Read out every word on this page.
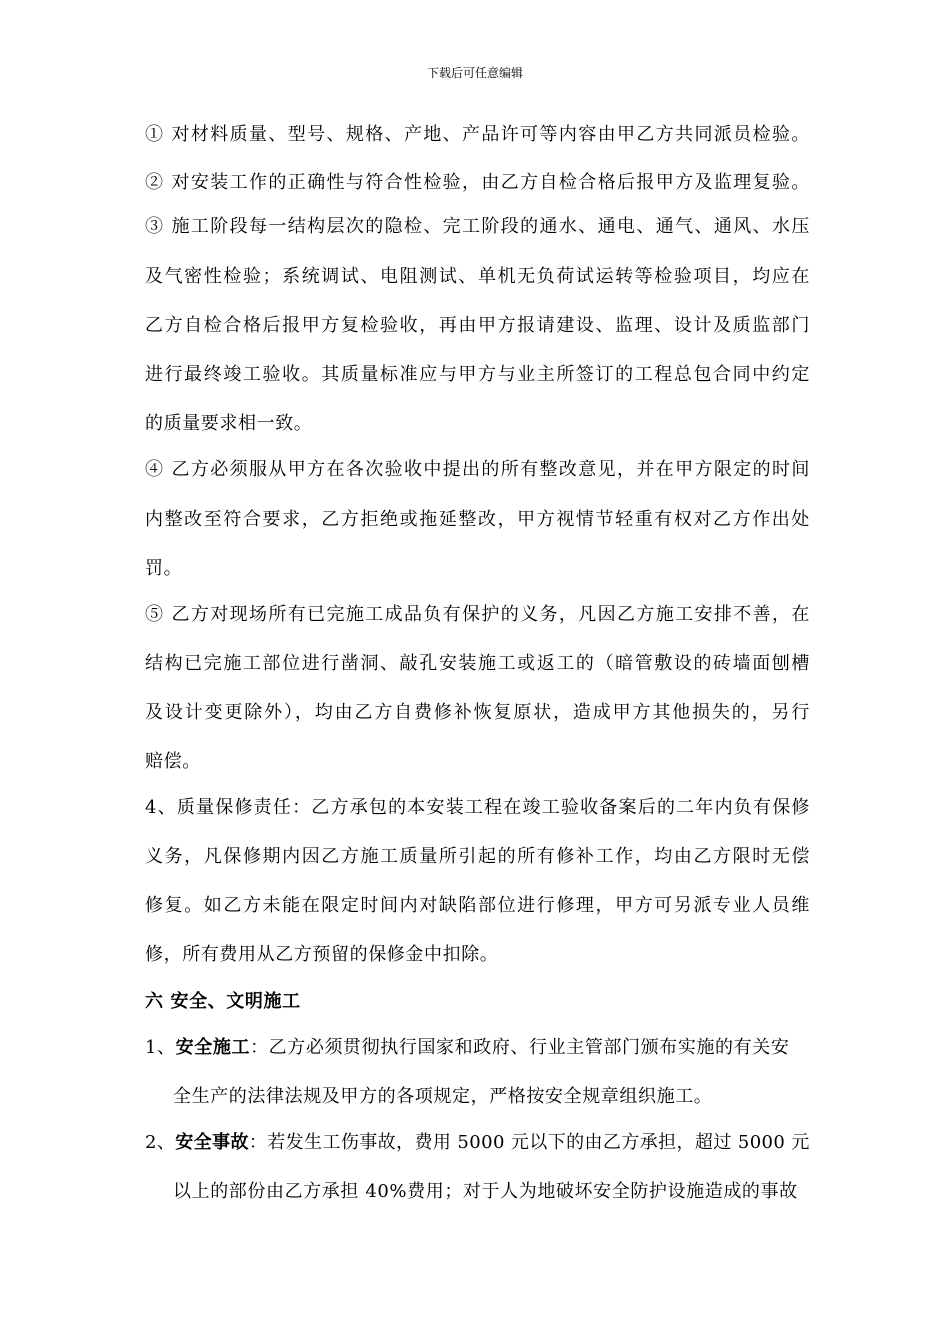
下载后可任意编辑
① 对材料质量、型号、规格、产地、产品许可等内容由甲乙方共同派员检验。
② 对安装工作的正确性与符合性检验，由乙方自检合格后报甲方及监理复验。
③ 施工阶段每一结构层次的隐检、完工阶段的通水、通电、通气、通风、水压
及气密性检验；系统调试、电阻测试、单机无负荷试运转等检验项目，均应在
乙方自检合格后报甲方复检验收，再由甲方报请建设、监理、设计及质监部门
进行最终竣工验收。其质量标准应与甲方与业主所签订的工程总包合同中约定
的质量要求相一致。
④ 乙方必须服从甲方在各次验收中提出的所有整改意见，并在甲方限定的时间
内整改至符合要求，乙方拒绝或拖延整改，甲方视情节轻重有权对乙方作出处
罚。
⑤ 乙方对现场所有已完施工成品负有保护的义务，凡因乙方施工安排不善，在
结构已完施工部位进行凿洞、敲孔安装施工或返工的（暗管敷设的砖墙面刨槽
及设计变更除外），均由乙方自费修补恢复原状，造成甲方其他损失的，另行
赔偿。
4、质量保修责任：乙方承包的本安装工程在竣工验收备案后的二年内负有保修
义务，凡保修期内因乙方施工质量所引起的所有修补工作，均由乙方限时无偿
修复。如乙方未能在限定时间内对缺陷部位进行修理，甲方可另派专业人员维
修，所有费用从乙方预留的保修金中扣除。
六 安全、文明施工
1、安全施工：乙方必须贯彻执行国家和政府、行业主管部门颁布实施的有关安
全生产的法律法规及甲方的各项规定，严格按安全规章组织施工。
2、安全事故：若发生工伤事故，费用 5000 元以下的由乙方承担，超过 5000 元
以上的部份由乙方承担 40%费用；对于人为地破坏安全防护设施造成的事故
